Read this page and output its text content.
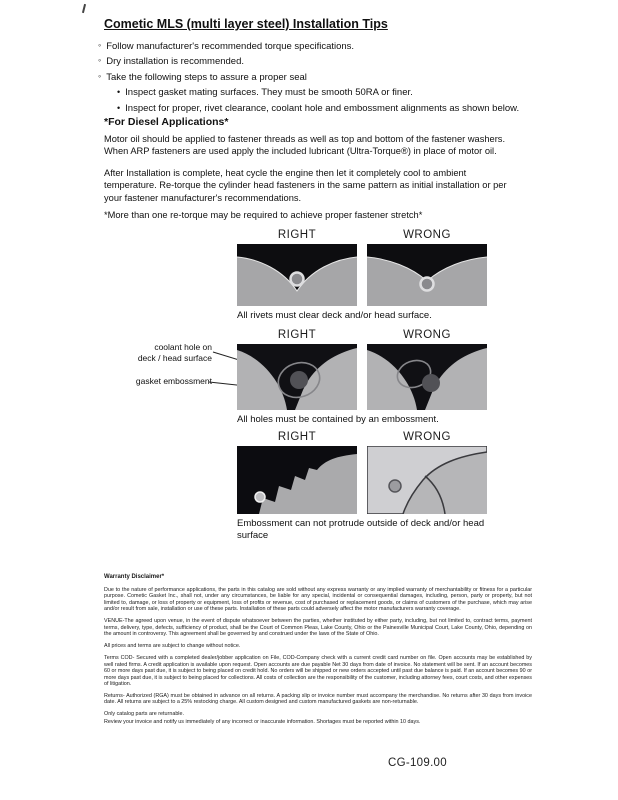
Cometic MLS (multi layer steel) Installation Tips
◦
Follow manufacturer's recommended torque specifications.
◦
Dry installation is recommended.
◦
Take the following steps to assure a proper seal
•
Inspect gasket mating surfaces. They must be smooth 50RA or finer.
•
Inspect for proper, rivet clearance, coolant hole and embossment alignments as shown below.
*For Diesel Applications*
Motor oil should be applied to fastener threads as well as top and bottom of the fastener washers. When ARP fasteners are used apply the included lubricant (Ultra-Torque®) in place of motor oil.
After Installation is complete, heat cycle the engine then let it completely cool to ambient temperature. Re-torque the cylinder head fasteners in the same pattern as initial installation or per your fastener manufacturer's recommendations.
*More than one re-torque may be required to achieve proper fastener stretch*
RIGHT	WRONG
All rivets must clear deck and/or head surface.
RIGHT	WRONG
coolant hole on
deck / head surface
gasket embossment
All holes must be contained by an embossment.
RIGHT	WRONG
Embossment can not protrude outside of deck and/or head surface

Warranty Disclaimer*

Due to the nature of performance applications, the parts in this catalog are sold without any express warranty or any implied warranty of merchantability or fitness for a particular purpose. Cometic Gasket Inc., shall not, under any circumstances, be liable for any special, incidental or consequential damages, including, person, party or property, but not limited to, damage, or loss of property or equipment, loss of profits or revenue, cost of purchased or replacement goods, or claims of customers of the purchase, which may arise and/or result from sale, installation or use of these parts. Installation of these parts could adversely affect the motor manufacturers warranty coverage.

VENUE-The agreed upon venue, in the event of dispute whatsoever between the parties, whether instituted by either party, including, but not limited to, contract terms, payment terms, delivery, type, defects, sufficiency of product, shall be the Court of Common Pleas, Lake County, Ohio or the Painesville Municipal Court, Lake County, Ohio, depending on the amount in controversy. This agreement shall be governed by and construed under the laws of the State of Ohio.

All prices and terms are subject to change without notice.

Terms COD- Secured with a completed dealer/jobber application on File, COD-Company check with a current credit card number on file. Open accounts may be established by well rated firms. A credit application is available upon request. Open accounts are due payable Net 30 days from date of invoice. No statement will be sent. If an account becomes 60 or more days past due, it is subject to being placed on credit hold. No orders will be shipped or new orders accepted until past due balance is paid. If an account becomes 90 or more days past due, it is subject to being placed for collections. All costs of collection are the responsibility of the customer, including attorney fees, court costs, and other expenses of litigation.

Returns- Authorized (RGA) must be obtained in advance on all returns. A packing slip or invoice number must accompany the merchandise. No returns after 30 days from invoice date. All returns are subject to a 25% restocking charge. All custom designed and custom manufactured gaskets are non-returnable.

Only catalog parts are returnable.

Review your invoice and notify us immediately of any incorrect or inaccurate information. Shortages must be reported within 10 days.

CG-109.00
